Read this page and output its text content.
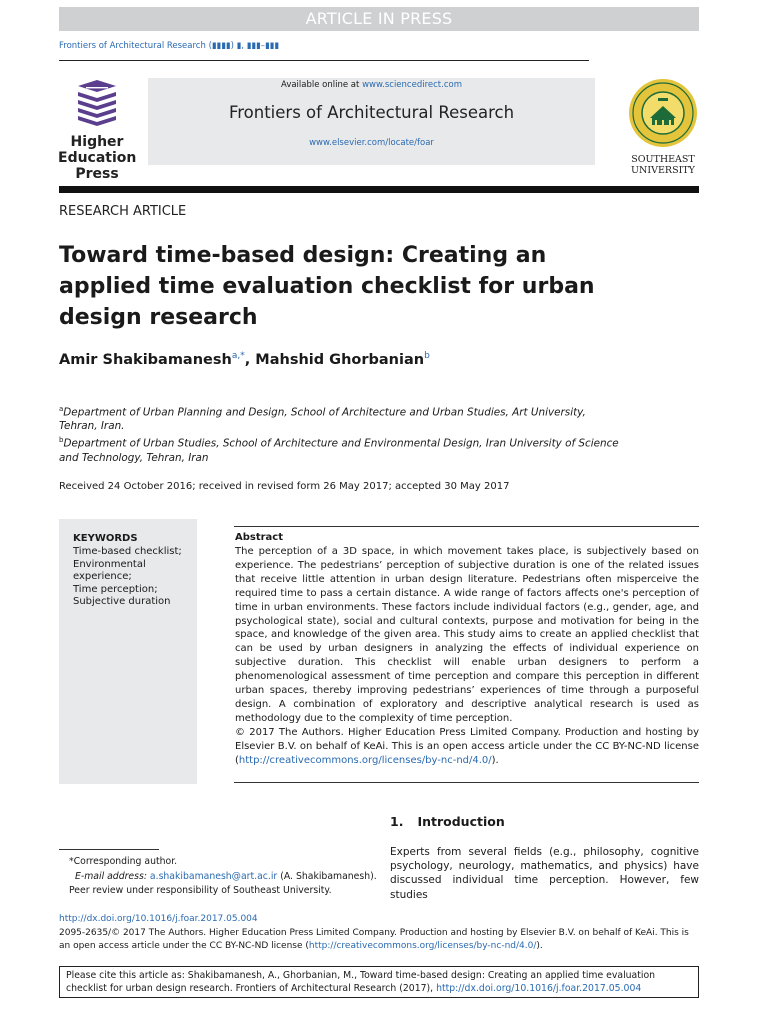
ARTICLE IN PRESS
Frontiers of Architectural Research (▮▮▮▮) ▮, ▮▮▮–▮▮▮
Higher
Education
Press
Available online at www.sciencedirect.com
Frontiers of Architectural Research
www.elsevier.com/locate/foar
SOUTHEAST
UNIVERSITY
RESEARCH ARTICLE
Toward time-based design: Creating an applied time evaluation checklist for urban design research
Amir Shakibamanesh$^{a,*}$, Mahshid Ghorbanian$^b$

$^a$Department of Urban Planning and Design, School of Architecture and Urban Studies, Art University, Tehran, Iran.

$^b$Department of Urban Studies, School of Architecture and Environmental Design, Iran University of Science and Technology, Tehran, Iran

Received 24 October 2016; received in revised form 26 May 2017; accepted 30 May 2017
KEYWORDS
Time-based checklist;
Environmental experience;
Time perception;
Subjective duration
Abstract

The perception of a 3D space, in which movement takes place, is subjectively based on experience. The pedestrians’ perception of subjective duration is one of the related issues that receive little attention in urban design literature. Pedestrians often misperceive the required time to pass a certain distance. A wide range of factors affects one's perception of time in urban environments. These factors include individual factors (e.g., gender, age, and psychological state), social and cultural contexts, purpose and motivation for being in the space, and knowledge of the given area. This study aims to create an applied checklist that can be used by urban designers in analyzing the effects of individual experience on subjective duration. This checklist will enable urban designers to perform a phenomenological assessment of time perception and compare this perception in different urban spaces, thereby improving pedestrians’ experiences of time through a purposeful design. A combination of exploratory and descriptive analytical research is used as methodology due to the complexity of time perception.

© 2017 The Authors. Higher Education Press Limited Company. Production and hosting by Elsevier B.V. on behalf of KeAi. This is an open access article under the CC BY-NC-ND license (http://creativecommons.org/licenses/by-nc-nd/4.0/).

1. Introduction
Experts from several fields (e.g., philosophy, cognitive psychology, neurology, mathematics, and physics) have discussed individual time perception. However, few studies

*Corresponding author.

E-mail address: a.shakibamanesh@art.ac.ir (A. Shakibamanesh).

Peer review under responsibility of Southeast University.

http://dx.doi.org/10.1016/j.foar.2017.05.004
2095-2635/© 2017 The Authors. Higher Education Press Limited Company. Production and hosting by Elsevier B.V. on behalf of KeAi. This is an open access article under the CC BY-NC-ND license (http://creativecommons.org/licenses/by-nc-nd/4.0/).
Please cite this article as: Shakibamanesh, A., Ghorbanian, M., Toward time-based design: Creating an applied time evaluation checklist for urban design research. Frontiers of Architectural Research (2017), http://dx.doi.org/10.1016/j.foar.2017.05.004
